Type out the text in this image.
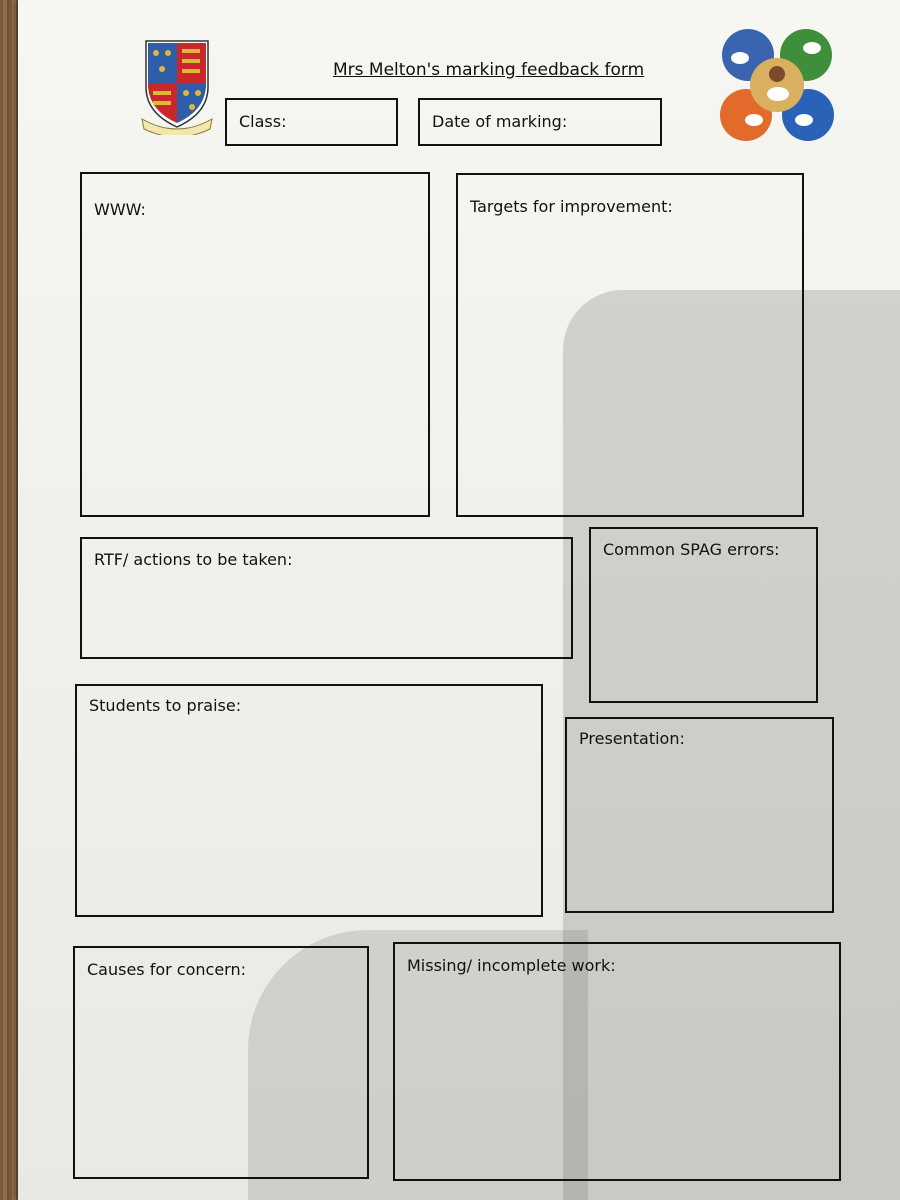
Mrs Melton's marking feedback form
Class:	Date of marking:
WWW:	Targets for improvement:
RTF/ actions to be taken:
Common SPAG errors:
Students to praise:
Presentation:
Causes for concern:	Missing/ incomplete work:
